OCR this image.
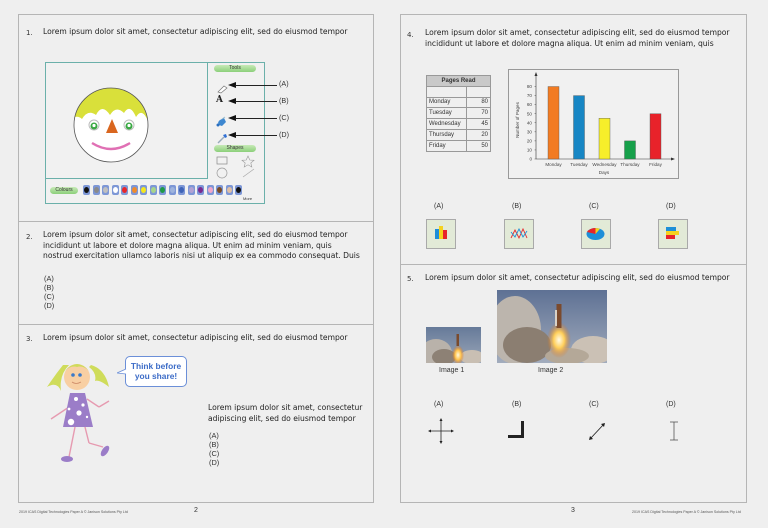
1. Lorem ipsum dolor sit amet, consectetur adipiscing elit, sed do eiusmod tempor
Tools
A
Shapes
Colours
More
(A)
(B)
(C)
(D)
2. Lorem ipsum dolor sit amet, consectetur adipiscing elit, sed do eiusmod tempor
incididunt ut labore et dolore magna aliqua. Ut enim ad minim veniam, quis
nostrud exercitation ullamco laboris nisi ut aliquip ex ea commodo consequat. Duis
(A)
(B)
(C)
(D)
3. Lorem ipsum dolor sit amet, consectetur adipiscing elit, sed do eiusmod tempor
Think before
you share!
Lorem ipsum dolor sit amet, consectetur
adipiscing elit, sed do eiusmod tempor
(A)
(B)
(C)
(D)
2019 ICAS Digital Technologies Paper A © Janison Solutions Pty Ltd	2
4. Lorem ipsum dolor sit amet, consectetur adipiscing elit, sed do eiusmod tempor
incididunt ut labore et dolore magna aliqua. Ut enim ad minim veniam, quis
Pages Read	

Monday	80
Tuesday	70
Wednesday	45
Thursday	20
Friday	50
0
10
20
30
40
50
60
70
80
Number of Pages
Monday Tuesday Wednesday Thursday Friday
Days
(A)	(B)	(C)	(D)
5. Lorem ipsum dolor sit amet, consectetur adipiscing elit, sed do eiusmod tempor
Image 1	Image 2
(A)	(B)	(C)	(D)
3	2019 ICAS Digital Technologies Paper A © Janison Solutions Pty Ltd
